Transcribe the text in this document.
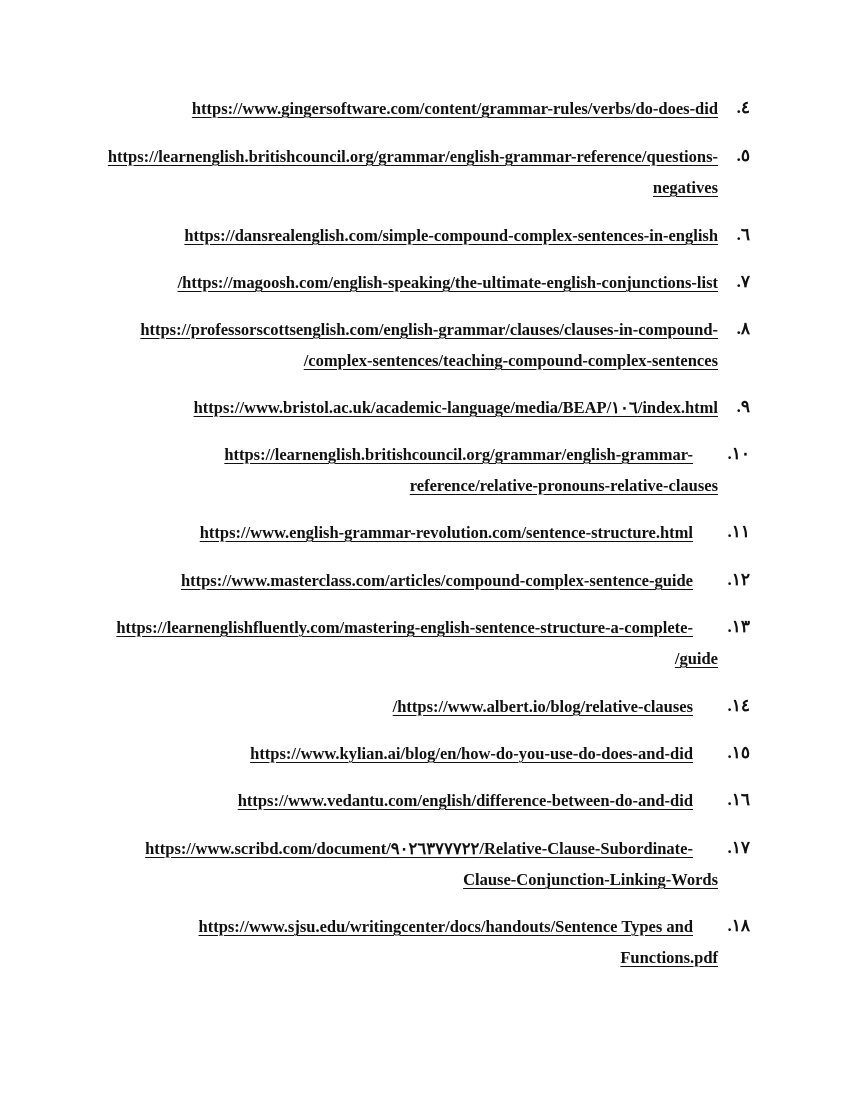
.٤
https://www.gingersoftware.com/content/grammar-rules/verbs/do-does-did
.٥
https://learnenglish.britishcouncil.org/grammar/english-grammar-reference/questions-
negatives
.٦
https://dansrealenglish.com/simple-compound-complex-sentences-in-english
.٧
/https://magoosh.com/english-speaking/the-ultimate-english-conjunctions-list
.٨
https://professorscottsenglish.com/english-grammar/clauses/clauses-in-compound-
/complex-sentences/teaching-compound-complex-sentences
.٩
https://www.bristol.ac.uk/academic-language/media/BEAP/١٠٦/index.html
.١٠
https://learnenglish.britishcouncil.org/grammar/english-grammar-
reference/relative-pronouns-relative-clauses
.١١
https://www.english-grammar-revolution.com/sentence-structure.html
.١٢
https://www.masterclass.com/articles/compound-complex-sentence-guide
.١٣
https://learnenglishfluently.com/mastering-english-sentence-structure-a-complete-
/guide
.١٤
/https://www.albert.io/blog/relative-clauses
.١٥
https://www.kylian.ai/blog/en/how-do-you-use-do-does-and-did
.١٦
https://www.vedantu.com/english/difference-between-do-and-did
.١٧
https://www.scribd.com/document/٩٠٢٦٣٧٧٧٢٢/Relative-Clause-Subordinate-
Clause-Conjunction-Linking-Words
.١٨
https://www.sjsu.edu/writingcenter/docs/handouts/Sentence Types and
Functions.pdf
